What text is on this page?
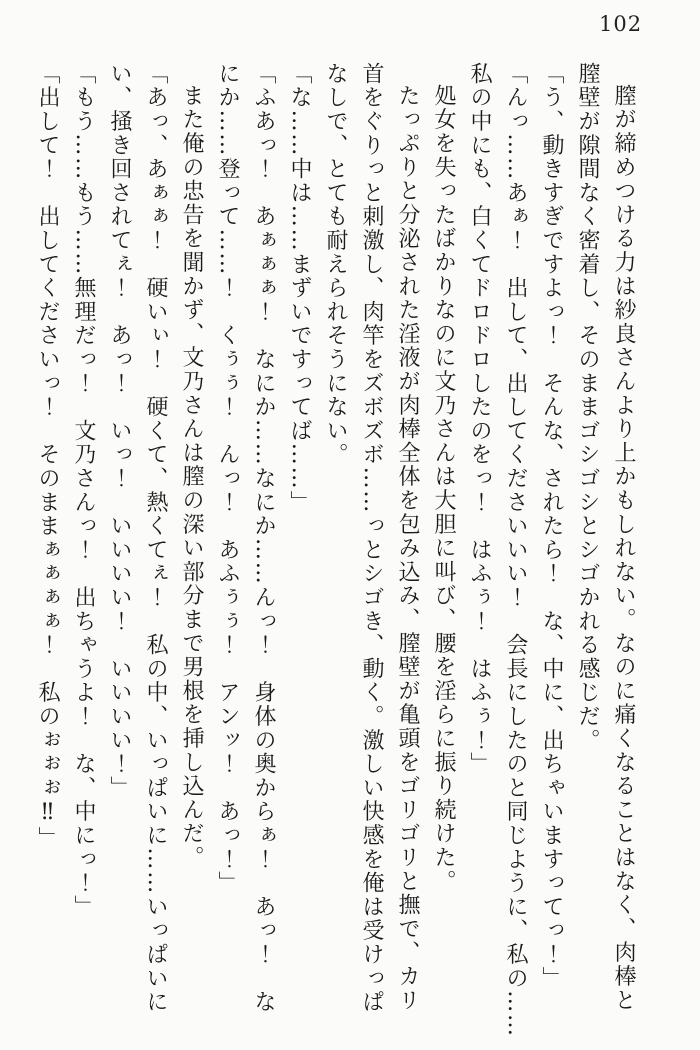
102
膣が締めつける力は紗良さんより上かもしれない。なのに痛くなることはなく、肉棒と
膣壁が隙間なく密着し、そのままゴシゴシとシゴかれる感じだ。
「う、動きすぎですよっ！　そんな、されたら！　な、中に、出ちゃいますってっ！」
「んっ……あぁ！　出して、出してくださいいい！　会長にしたのと同じように、私の……
私の中にも、白くてドロドロしたのをっ！　はふぅ！　はふぅ！」
処女を失ったばかりなのに文乃さんは大胆に叫び、腰を淫らに振り続けた。
たっぷりと分泌された淫液が肉棒全体を包み込み、膣壁が亀頭をゴリゴリと撫で、カリ
首をぐりっと刺激し、肉竿をズボズボ……っとシゴき、動く。激しい快感を俺は受けっぱ
なしで、とても耐えられそうにない。
「な……中は……まずいですってば……」
「ふあっ！　あぁぁぁ！　なにか……なにか……んっ！　身体の奥からぁ！　あっ！　な
にか……登って……！　くぅぅ！　んっ！　あふぅぅ！　アンッ！　あっ！」
また俺の忠告を聞かず、文乃さんは膣の深い部分まで男根を挿し込んだ。
「あっ、あぁぁ！　硬いぃ！　硬くて、熱くてぇ！　私の中、いっぱいに……いっぱいに
い、掻き回されてぇ！　あっ！　いっ！　いいいい！　いいいい！」
「もう……もう……無理だっ！　文乃さんっ！　出ちゃうよ！　な、中にっ！」
「出して！　出してくださいっ！　そのままぁぁぁぁ！　私のぉぉぉ‼」
